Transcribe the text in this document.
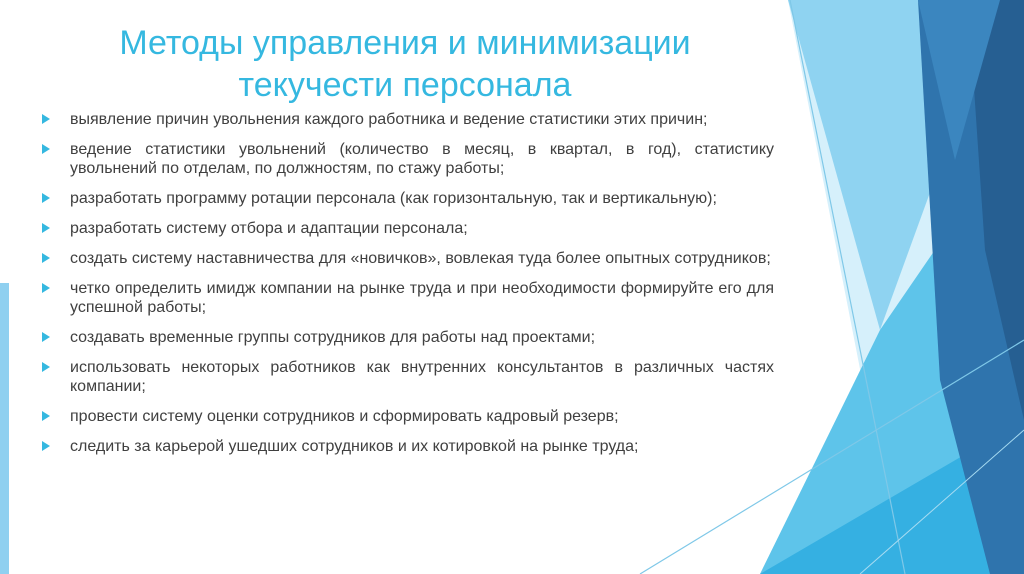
Методы управления и минимизации
текучести персонала
выявление причин увольнения каждого работника и ведение статистики этих причин;
ведение статистики увольнений (количество в месяц, в квартал, в год), статистику увольнений по отделам, по должностям, по стажу работы;
разработать программу ротации персонала (как горизонтальную, так и вертикальную);
разработать систему отбора и адаптации персонала;
создать систему наставничества для «новичков», вовлекая туда более опытных сотрудников;
четко определить имидж компании на рынке труда и при необходимости формируйте его для успешной работы;
создавать временные группы сотрудников для работы над проектами;
использовать некоторых работников как внутренних консультантов в различных частях компании;
провести систему оценки сотрудников и сформировать кадровый резерв;
следить за карьерой ушедших сотрудников и их котировкой на рынке труда;
